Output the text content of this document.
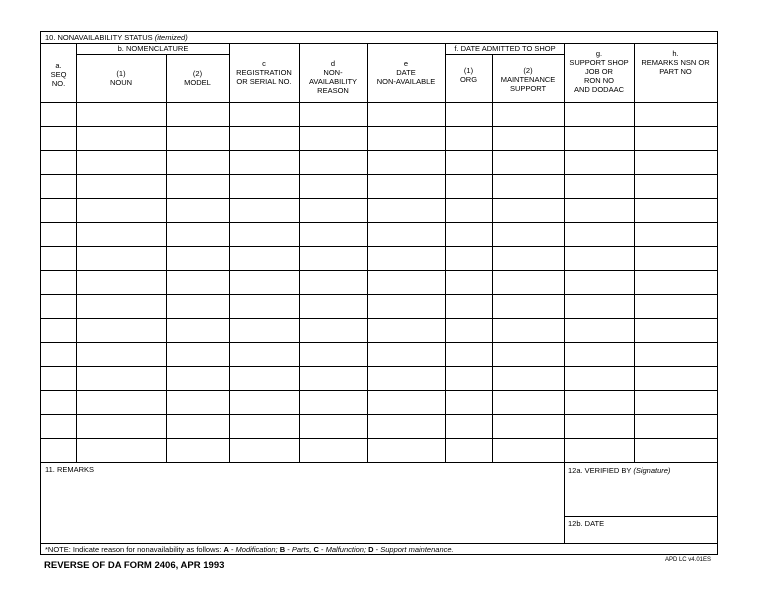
10. NONAVAILABILITY STATUS (itemized)
a.
SEQ
NO.
b. NOMENCLATURE
(1)
NOUN
(2)
MODEL
c
REGISTRATION
OR SERIAL NO.
d
NON-
AVAILABILITY
REASON
e
DATE
NON-AVAILABLE
f. DATE ADMITTED TO SHOP
(1)
ORG
(2)
MAINTENANCE
SUPPORT
g.
SUPPORT SHOP
JOB OR
RON NO
AND DODAAC
h.
REMARKS NSN OR
PART NO
11. REMARKS	12a. VERIFIED BY (Signature)
12b. DATE
*NOTE: Indicate reason for nonavailability as follows: A - Modification; B - Parts, C - Malfunction; D - Support maintenance.
REVERSE OF DA FORM 2406, APR 1993	APD LC v4.01ES
